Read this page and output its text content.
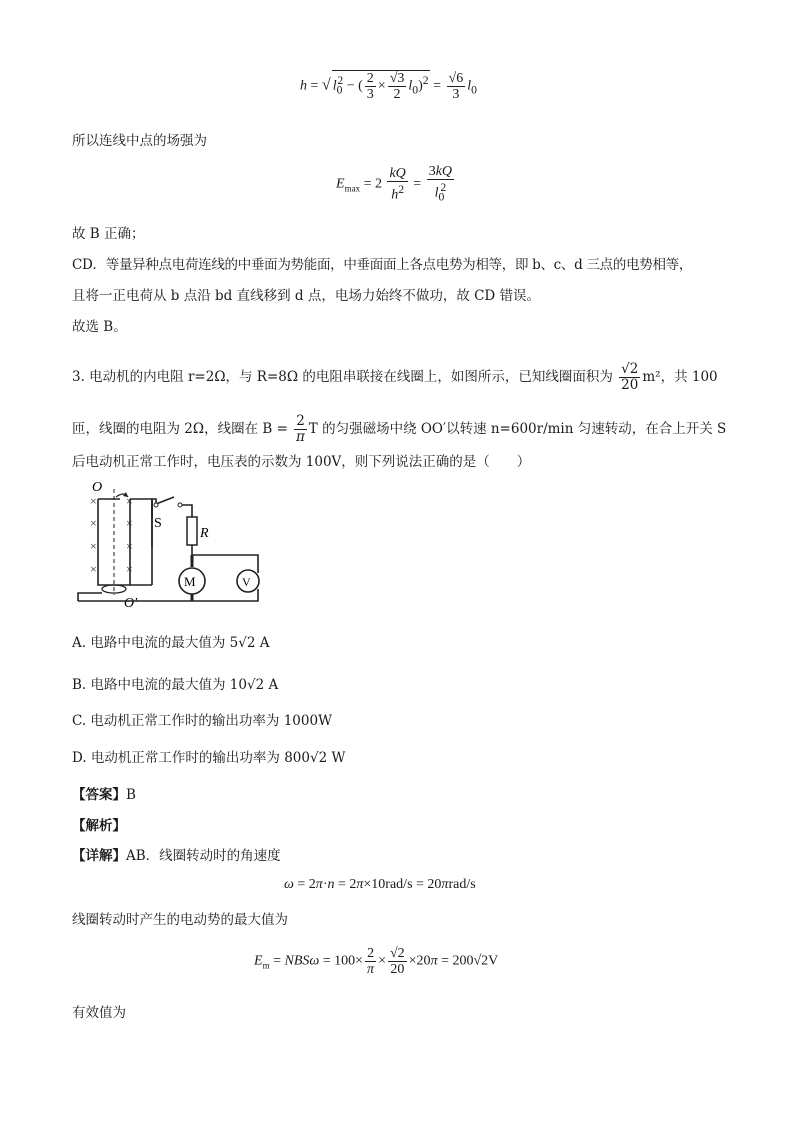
h = √ $l_0^2$ − ( $\frac{2}{3} \times \frac{√3}{2} l_0)^2 = \frac{√6}{3} l_0$
所以连线中点的场强为
$E_{max} = 2 \frac{kQ}{h^2} = \frac{3kQ}{l_0^2}$
故 B 正确；
CD．等量异种点电荷连线的中垂面为势能面，中垂面面上各点电势为相等，即 b、c、d 三点的电势相等，
且将一正电荷从 b 点沿 bd 直线移到 d 点，电场力始终不做功，故 CD 错误。
故选 B。
3. 电动机的内电阻 r=2Ω，与 R=8Ω 的电阻串联接在线圈上，如图所示，已知线圈面积为 $\frac{√2}{20} m^2$，共 100
匝，线圈的电阻为 2Ω，线圈在 $B = \frac{2}{\pi}$ T 的匀强磁场中绕 OO′以转速 n=600r/min 匀速转动，在合上开关 S
后电动机正常工作时，电压表的示数为 100V，则下列说法正确的是（　　）
× ×
× ×
× ×
× ×
O
O′
S
R
M	V
A. 电路中电流的最大值为 5√2 A
B. 电路中电流的最大值为 10√2 A
C. 电动机正常工作时的输出功率为 1000W
D. 电动机正常工作时的输出功率为 800√2 W
【答案】B
【解析】
【详解】AB．线圈转动时的角速度
ω = 2π·n = 2π×10rad/s = 20πrad/s
线圈转动时产生的电动势的最大值为
$E_m = NBS\omega = 100\times \frac{2}{\pi} \times \frac{√2}{20} \times 20\pi = 200√2V$
有效值为
